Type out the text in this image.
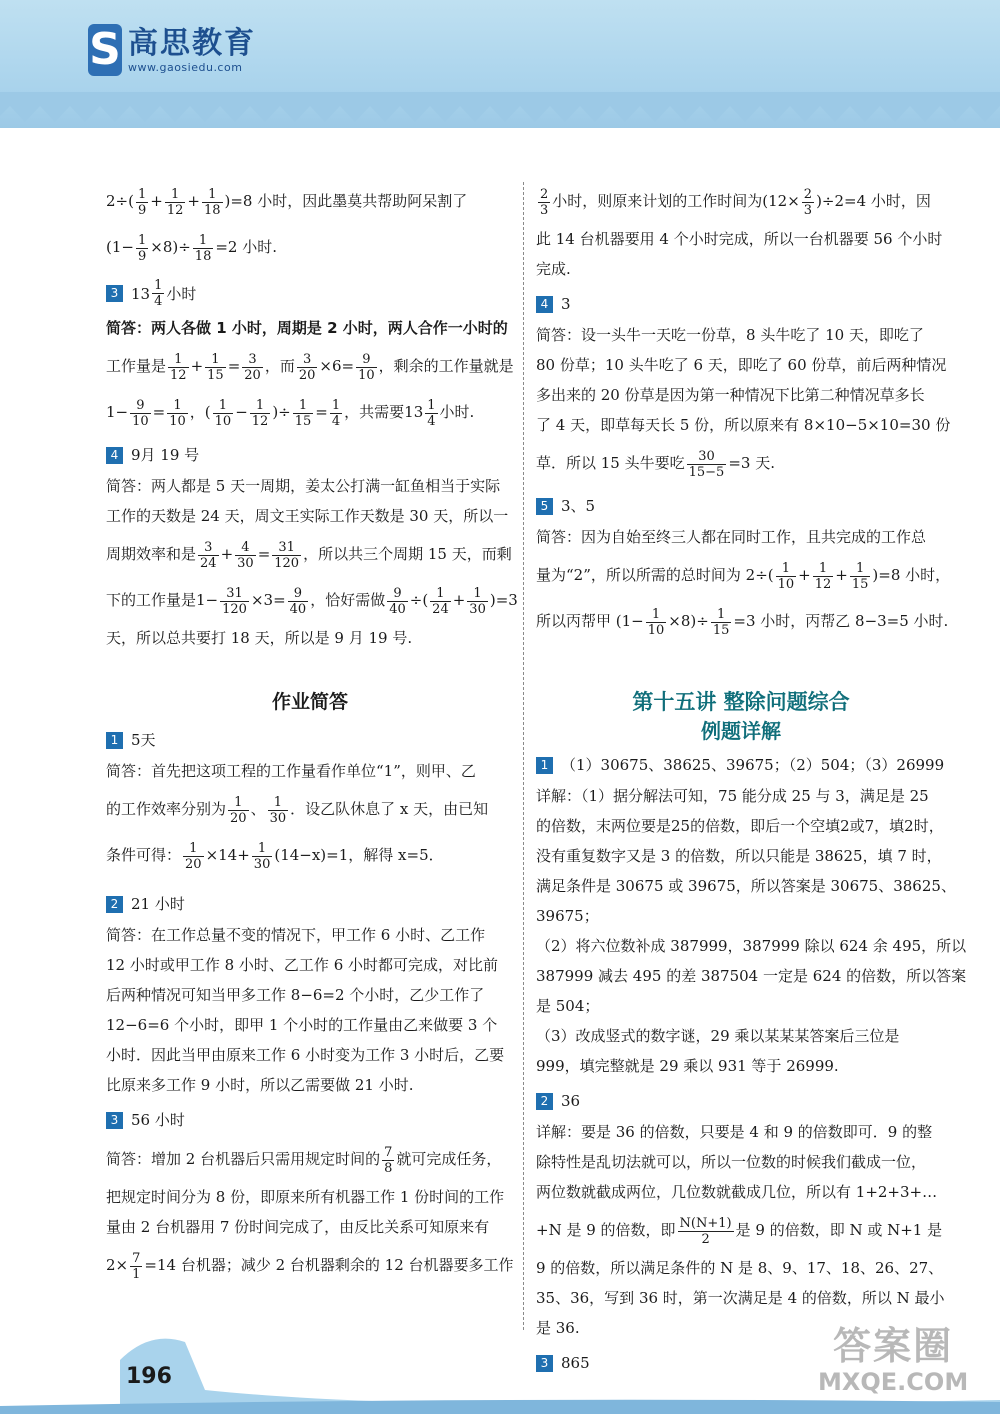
S 高思教育
www.gaosiedu.com

$2\div( \frac{1}{9} + \frac{1}{12} + \frac{1}{18} )=8$ 小时，因此墨莫共帮助阿呆割了

$(1- \frac{1}{9} \times 8)\div \frac{1}{18} =2$ 小时.

3 $13 \frac{1}{4}$ 小时

简答：两人各做 1 小时，周期是 2 小时，两人合作一小时的

工作量是 $\frac{1}{12} + \frac{1}{15} = \frac{3}{20}$ ，而 $\frac{3}{20} \times 6= \frac{9}{10}$ ，剩余的工作量就是

$1- \frac{9}{10} = \frac{1}{10}$ ，( $\frac{1}{10} - \frac{1}{12}$ )÷ $\frac{1}{15} = \frac{1}{4}$ ，共需要$13 \frac{1}{4}$ 小时.

4 9月 19 号

简答：两人都是 5 天一周期，姜太公打满一缸鱼相当于实际

工作的天数是 24 天，周文王实际工作天数是 30 天，所以一

周期效率和是 $\frac{3}{24} + \frac{4}{30} = \frac{31}{120}$ ，所以共三个周期 15 天，而剩

下的工作量是$1- \frac{31}{120} \times 3= \frac{9}{40}$ ，恰好需做 $\frac{9}{40}$ ÷( $\frac{1}{24} + \frac{1}{30} )=3$

天，所以总共要打 18 天，所以是 9 月 19 号.

作业简答
1 5天

简答：首先把这项工程的工作量看作单位“1”，则甲、乙

的工作效率分别为 $\frac{1}{20}$ 、 $\frac{1}{30}$ ．设乙队休息了 x 天，由已知

条件可得： $\frac{1}{20} \times 14+ \frac{1}{30} (14-x)=1$，解得 x=5．

2 21 小时

简答：在工作总量不变的情况下，甲工作 6 小时、乙工作

12 小时或甲工作 8 小时、乙工作 6 小时都可完成，对比前

后两种情况可知当甲多工作 8−6=2 个小时，乙少工作了

12−6=6 个小时，即甲 1 个小时的工作量由乙来做要 3 个

小时．因此当甲由原来工作 6 小时变为工作 3 小时后，乙要

比原来多工作 9 小时，所以乙需要做 21 小时.

3 56 小时

简答：增加 2 台机器后只需用规定时间的 $\frac{7}{8}$ 就可完成任务，

把规定时间分为 8 份，即原来所有机器工作 1 份时间的工作

量由 2 台机器用 7 份时间完成了，由反比关系可知原来有

$2\times \frac{7}{1} =14$ 台机器；减少 2 台机器剩余的 12 台机器要多工作

$\frac{2}{3}$ 小时，则原来计划的工作时间为$(12\times \frac{2}{3} )\div 2=4$ 小时，因

此 14 台机器要用 4 个小时完成，所以一台机器要 56 个小时

完成.

4 3

简答：设一头牛一天吃一份草，8 头牛吃了 10 天，即吃了

80 份草；10 头牛吃了 6 天，即吃了 60 份草，前后两种情况

多出来的 20 份草是因为第一种情况下比第二种情况草多长

了 4 天，即草每天长 5 份，所以原来有 8×10−5×10=30 份

草．所以 15 头牛要吃 $\frac{30}{15-5} =3$ 天.

5 3、5

简答：因为自始至终三人都在同时工作，且共完成的工作总

量为“2”，所以所需的总时间为 $2\div( \frac{1}{10} + \frac{1}{12} + \frac{1}{15} )=8$ 小时，

所以丙帮甲 $(1- \frac{1}{10} \times 8)\div \frac{1}{15} =3$ 小时，丙帮乙 8−3=5 小时.

第十五讲 整除问题综合
例题详解
1 （1）30675、38625、39675；（2）504；（3）26999

详解：（1）据分解法可知，75 能分成 25 与 3，满足是 25

的倍数，末两位要是25的倍数，即后一个空填2或7，填2时，

没有重复数字又是 3 的倍数，所以只能是 38625，填 7 时，

满足条件是 30675 或 39675，所以答案是 30675、38625、

39675；

（2）将六位数补成 387999，387999 除以 624 余 495，所以

387999 减去 495 的差 387504 一定是 624 的倍数，所以答案

是 504；

（3）改成竖式的数字谜，29 乘以某某某答案后三位是

999，填完整就是 29 乘以 931 等于 26999.

2 36

详解：要是 36 的倍数，只要是 4 和 9 的倍数即可．9 的整

除特性是乱切法就可以，所以一位数的时候我们截成一位，

两位数就截成两位，几位数就截成几位，所以有 1+2+3+…

+N 是 9 的倍数，即 $\frac{N(N+1)}{2}$ 是 9 的倍数，即 N 或 N+1 是

9 的倍数，所以满足条件的 N 是 8、9、17、18、26、27、

35、36，写到 36 时，第一次满足是 4 的倍数，所以 N 最小

是 36.

3 865
196
答案圈
MXQE.COM
